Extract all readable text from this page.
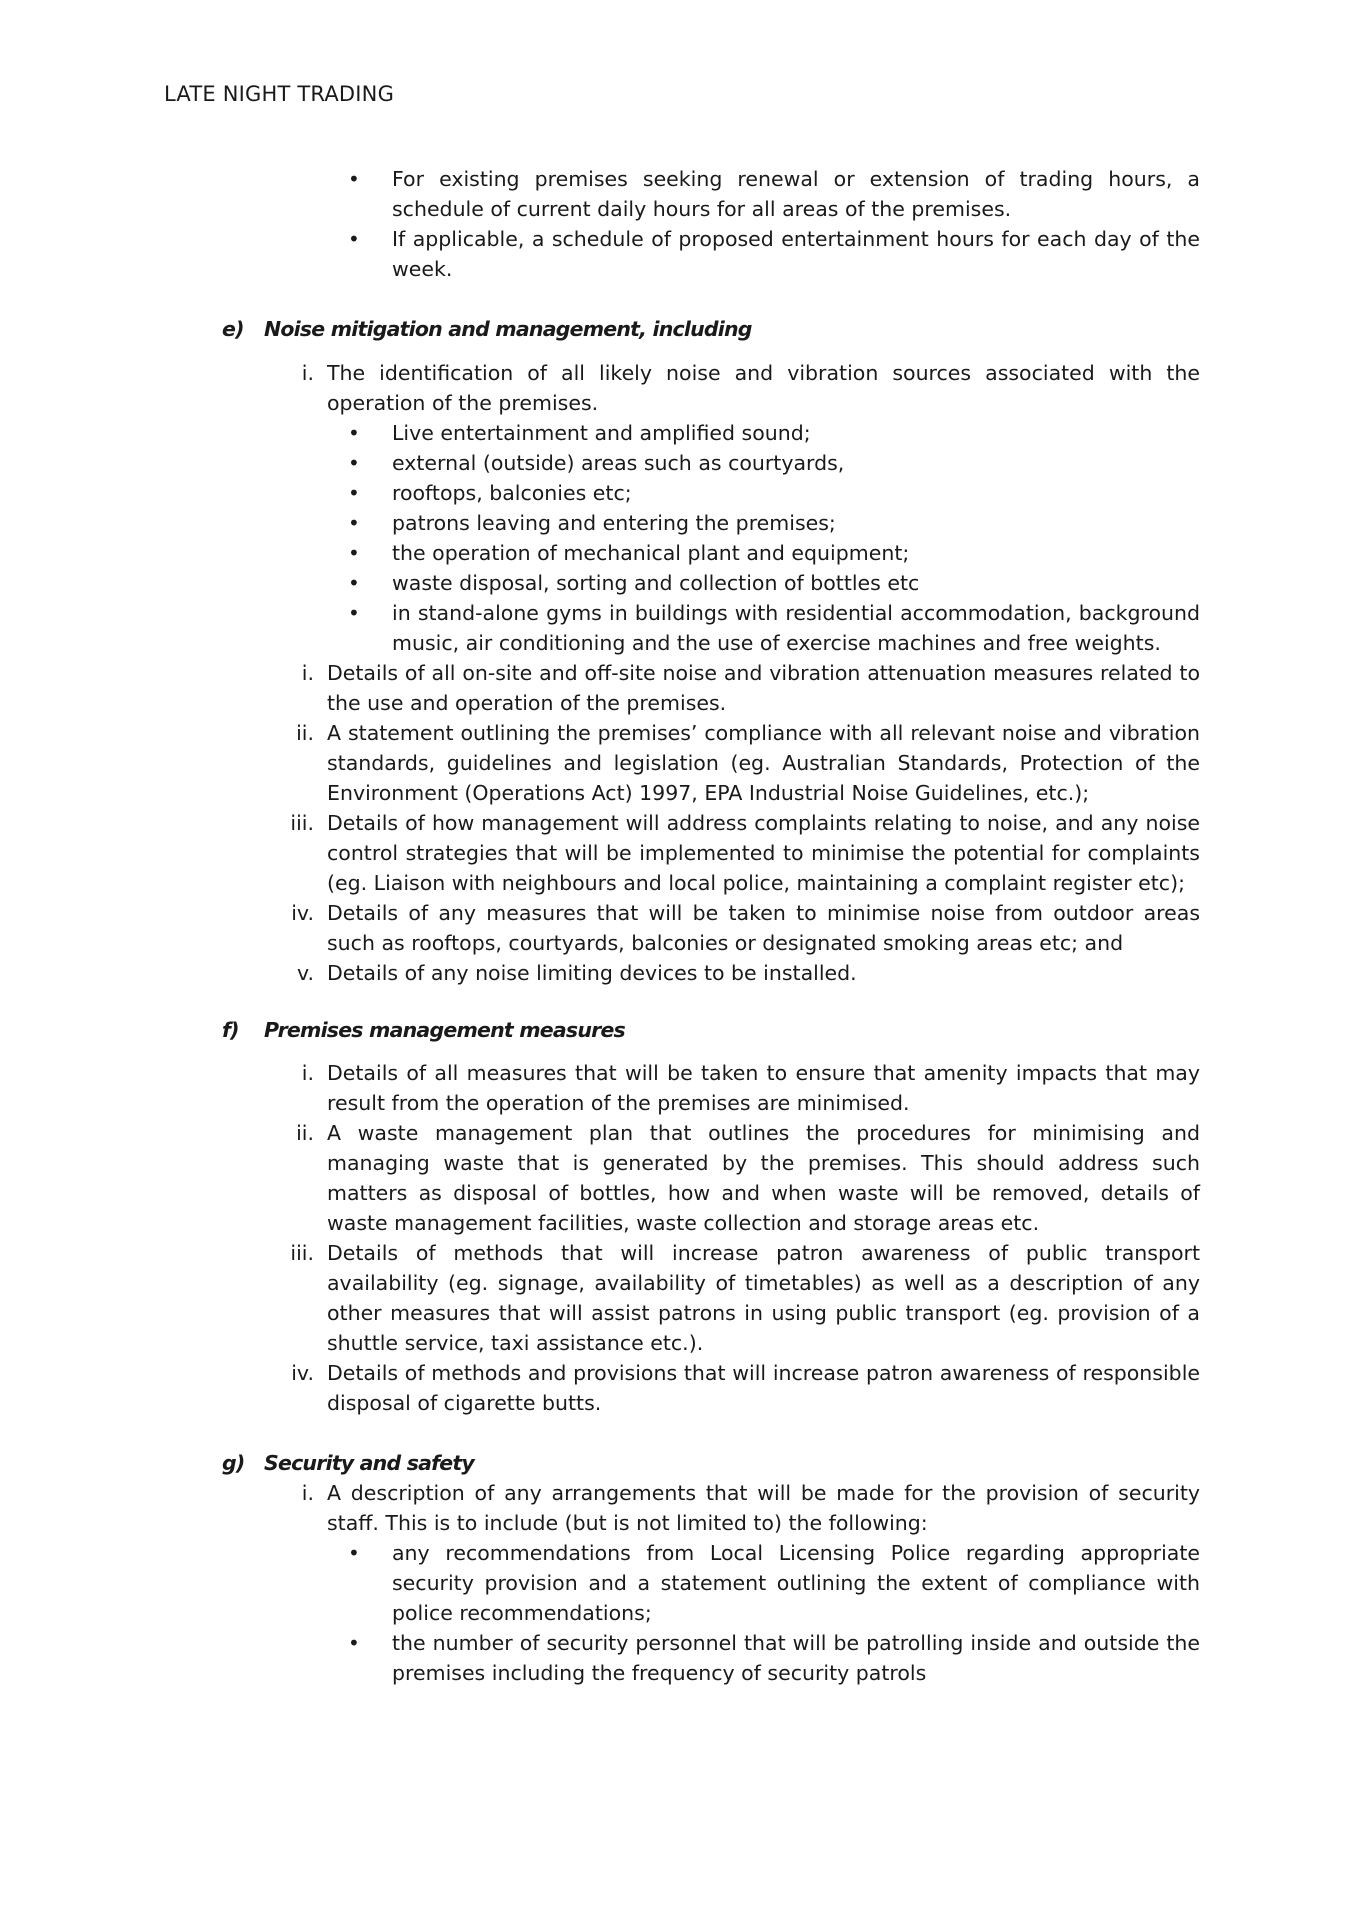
LATE NIGHT TRADING
• For existing premises seeking renewal or extension of trading hours, a schedule of current daily hours for all areas of the premises.
• If applicable, a schedule of proposed entertainment hours for each day of the week.
e) Noise mitigation and management, including
i. The identification of all likely noise and vibration sources associated with the operation of the premises.
• Live entertainment and amplified sound;
• external (outside) areas such as courtyards,
• rooftops, balconies etc;
• patrons leaving and entering the premises;
• the operation of mechanical plant and equipment;
• waste disposal, sorting and collection of bottles etc
• in stand-alone gyms in buildings with residential accommodation, background music, air conditioning and the use of exercise machines and free weights.
i. Details of all on-site and off-site noise and vibration attenuation measures related to the use and operation of the premises.
ii. A statement outlining the premises’ compliance with all relevant noise and vibration standards, guidelines and legislation (eg. Australian Standards, Protection of the Environment (Operations Act) 1997, EPA Industrial Noise Guidelines, etc.);
iii. Details of how management will address complaints relating to noise, and any noise control strategies that will be implemented to minimise the potential for complaints (eg. Liaison with neighbours and local police, maintaining a complaint register etc);
iv. Details of any measures that will be taken to minimise noise from outdoor areas such as rooftops, courtyards, balconies or designated smoking areas etc; and
v. Details of any noise limiting devices to be installed.
f) Premises management measures
i. Details of all measures that will be taken to ensure that amenity impacts that may result from the operation of the premises are minimised.
ii. A waste management plan that outlines the procedures for minimising and managing waste that is generated by the premises. This should address such matters as disposal of bottles, how and when waste will be removed, details of waste management facilities, waste collection and storage areas etc.
iii. Details of methods that will increase patron awareness of public transport availability (eg. signage, availability of timetables) as well as a description of any other measures that will assist patrons in using public transport (eg. provision of a shuttle service, taxi assistance etc.).
iv. Details of methods and provisions that will increase patron awareness of responsible disposal of cigarette butts.
g) Security and safety
i. A description of any arrangements that will be made for the provision of security staff. This is to include (but is not limited to) the following:
• any recommendations from Local Licensing Police regarding appropriate security provision and a statement outlining the extent of compliance with police recommendations;
• the number of security personnel that will be patrolling inside and outside the premises including the frequency of security patrols
